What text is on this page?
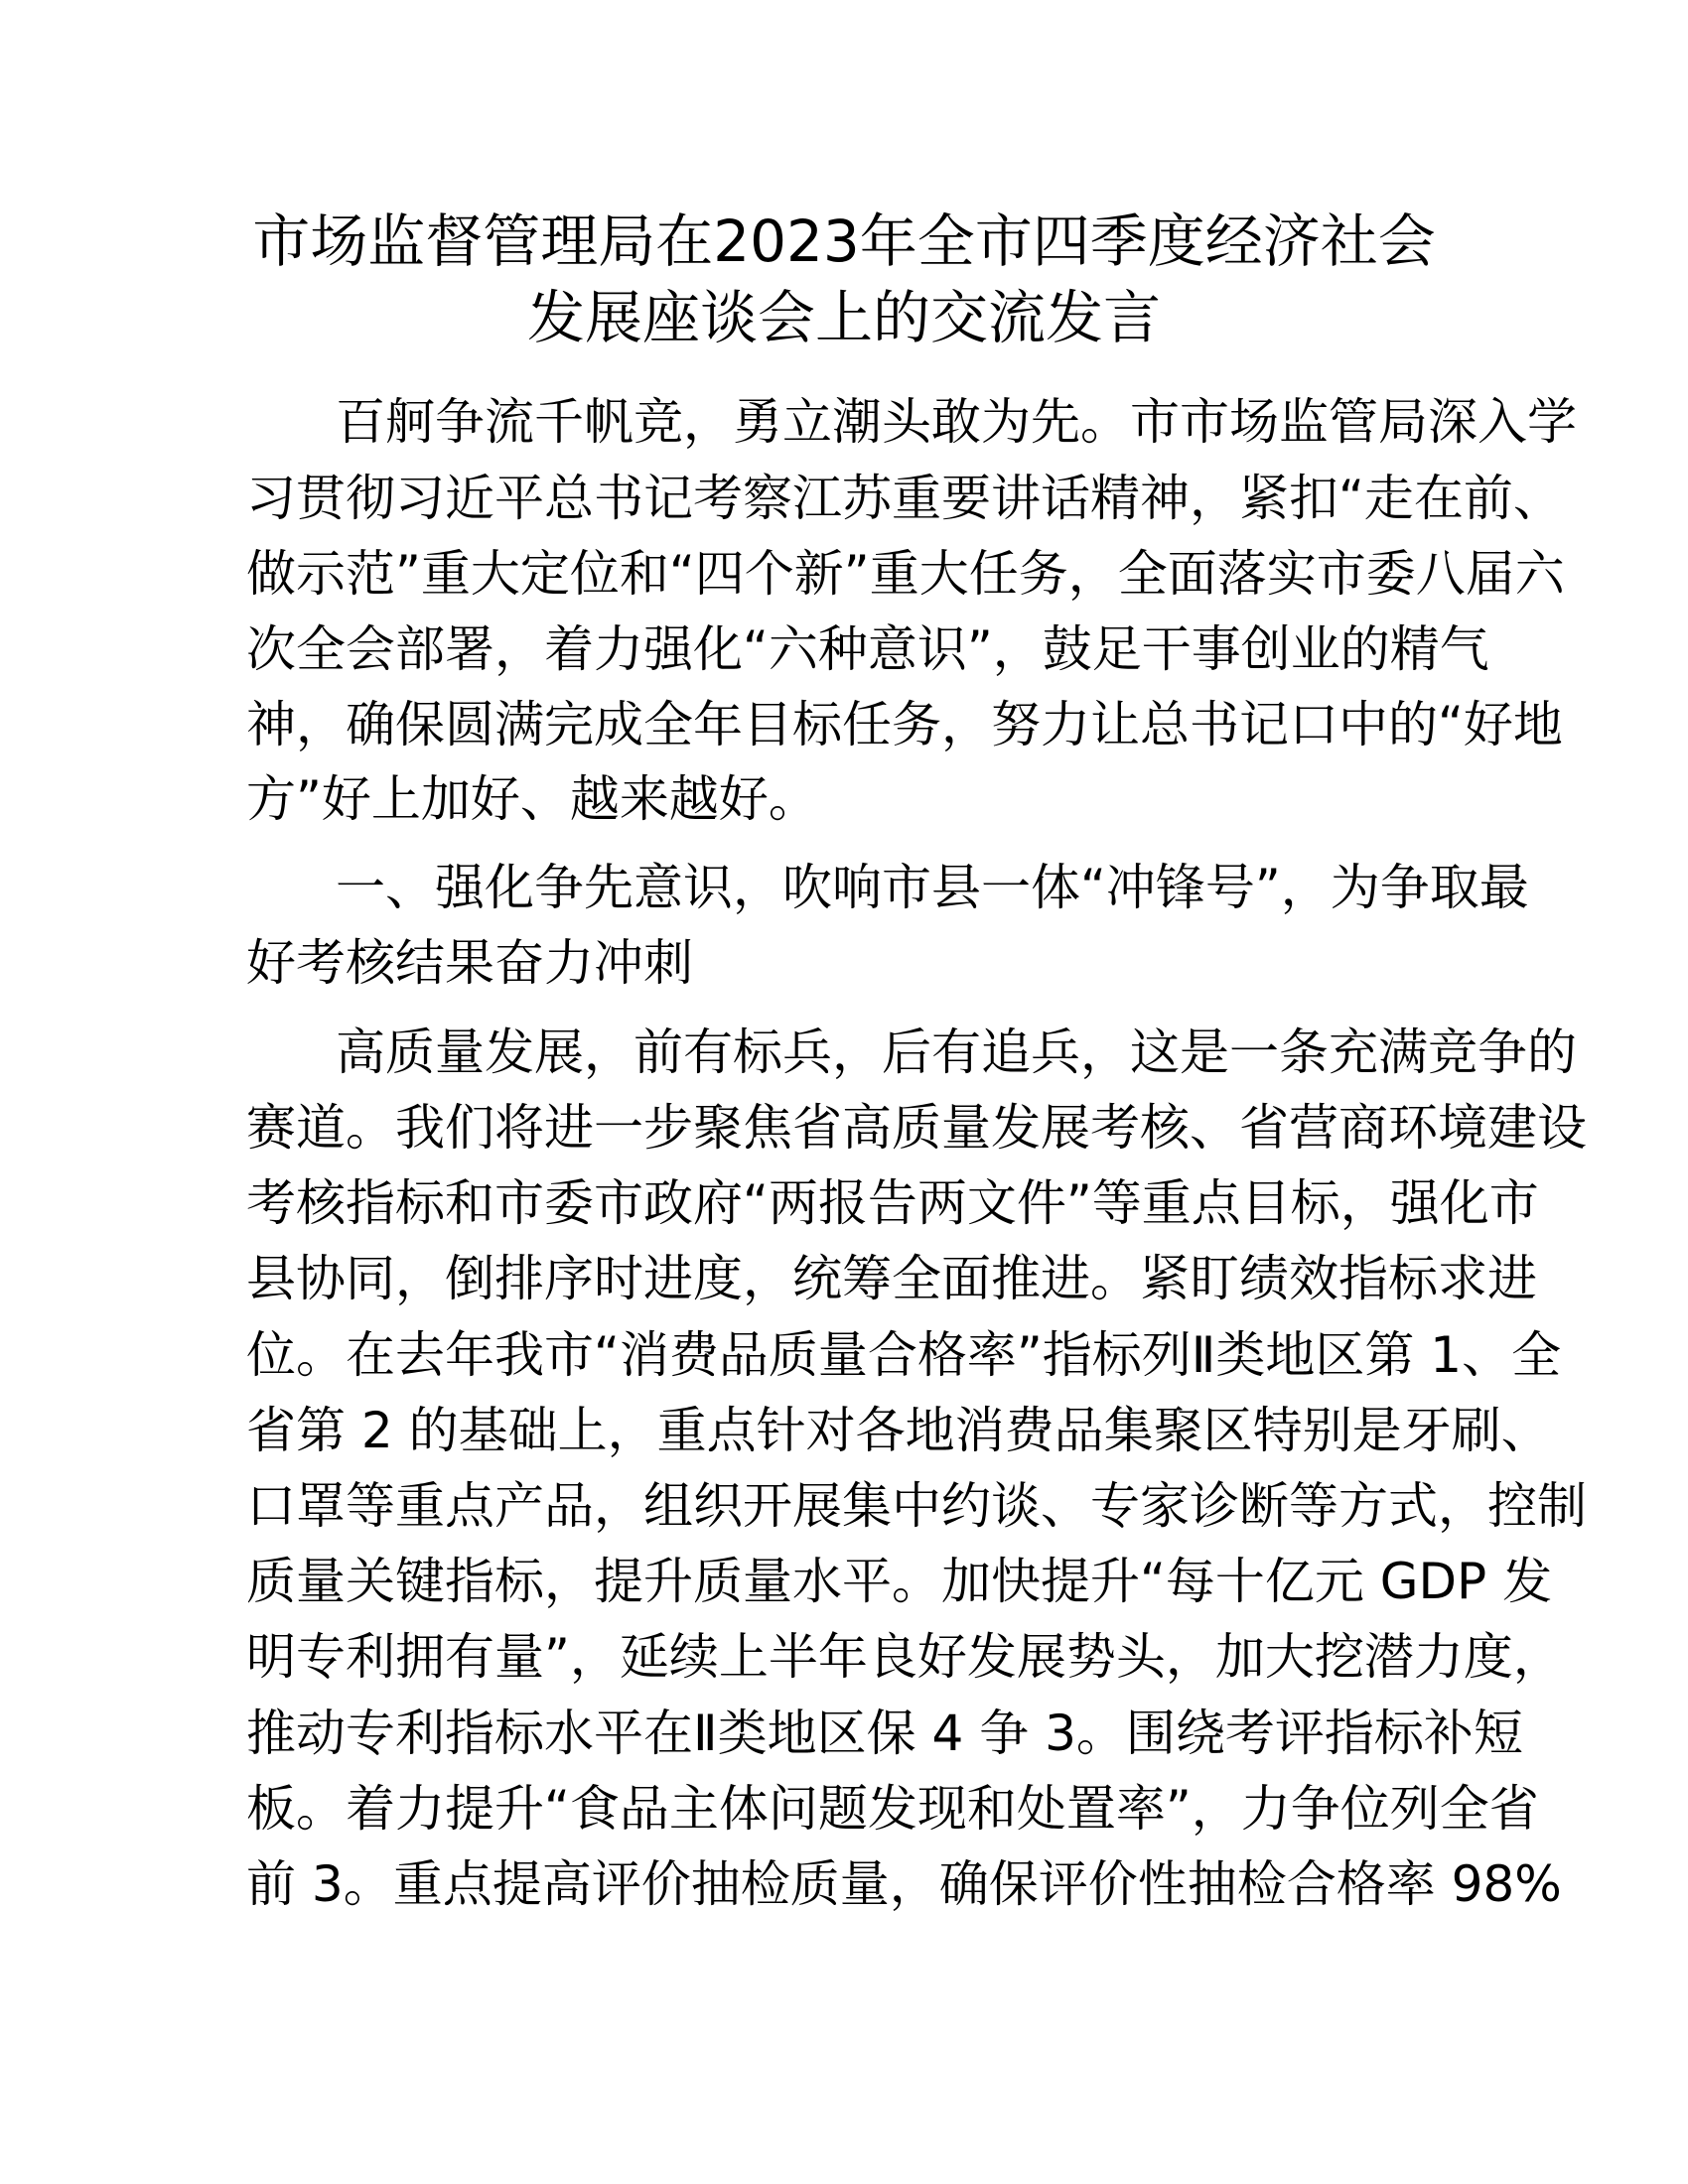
市场监督管理局在2023年全市四季度经济社会
发展座谈会上的交流发言
百舸争流千帆竞，勇立潮头敢为先。市市场监管局深入学
习贯彻习近平总书记考察江苏重要讲话精神，紧扣“走在前、
做示范”重大定位和“四个新”重大任务，全面落实市委八届六
次全会部署，着力强化“六种意识”，鼓足干事创业的精气
神，确保圆满完成全年目标任务，努力让总书记口中的“好地
方”好上加好、越来越好。
一、强化争先意识，吹响市县一体“冲锋号”，为争取最
好考核结果奋力冲刺
高质量发展，前有标兵，后有追兵，这是一条充满竞争的
赛道。我们将进一步聚焦省高质量发展考核、省营商环境建设
考核指标和市委市政府“两报告两文件”等重点目标，强化市
县协同，倒排序时进度，统筹全面推进。紧盯绩效指标求进
位。在去年我市“消费品质量合格率”指标列Ⅱ类地区第 1、全
省第 2 的基础上，重点针对各地消费品集聚区特别是牙刷、
口罩等重点产品，组织开展集中约谈、专家诊断等方式，控制
质量关键指标，提升质量水平。加快提升“每十亿元 GDP 发
明专利拥有量”，延续上半年良好发展势头，加大挖潜力度，
推动专利指标水平在Ⅱ类地区保 4 争 3。围绕考评指标补短
板。着力提升“食品主体问题发现和处置率”，力争位列全省
前 3。重点提高评价抽检质量，确保评价性抽检合格率 98%
